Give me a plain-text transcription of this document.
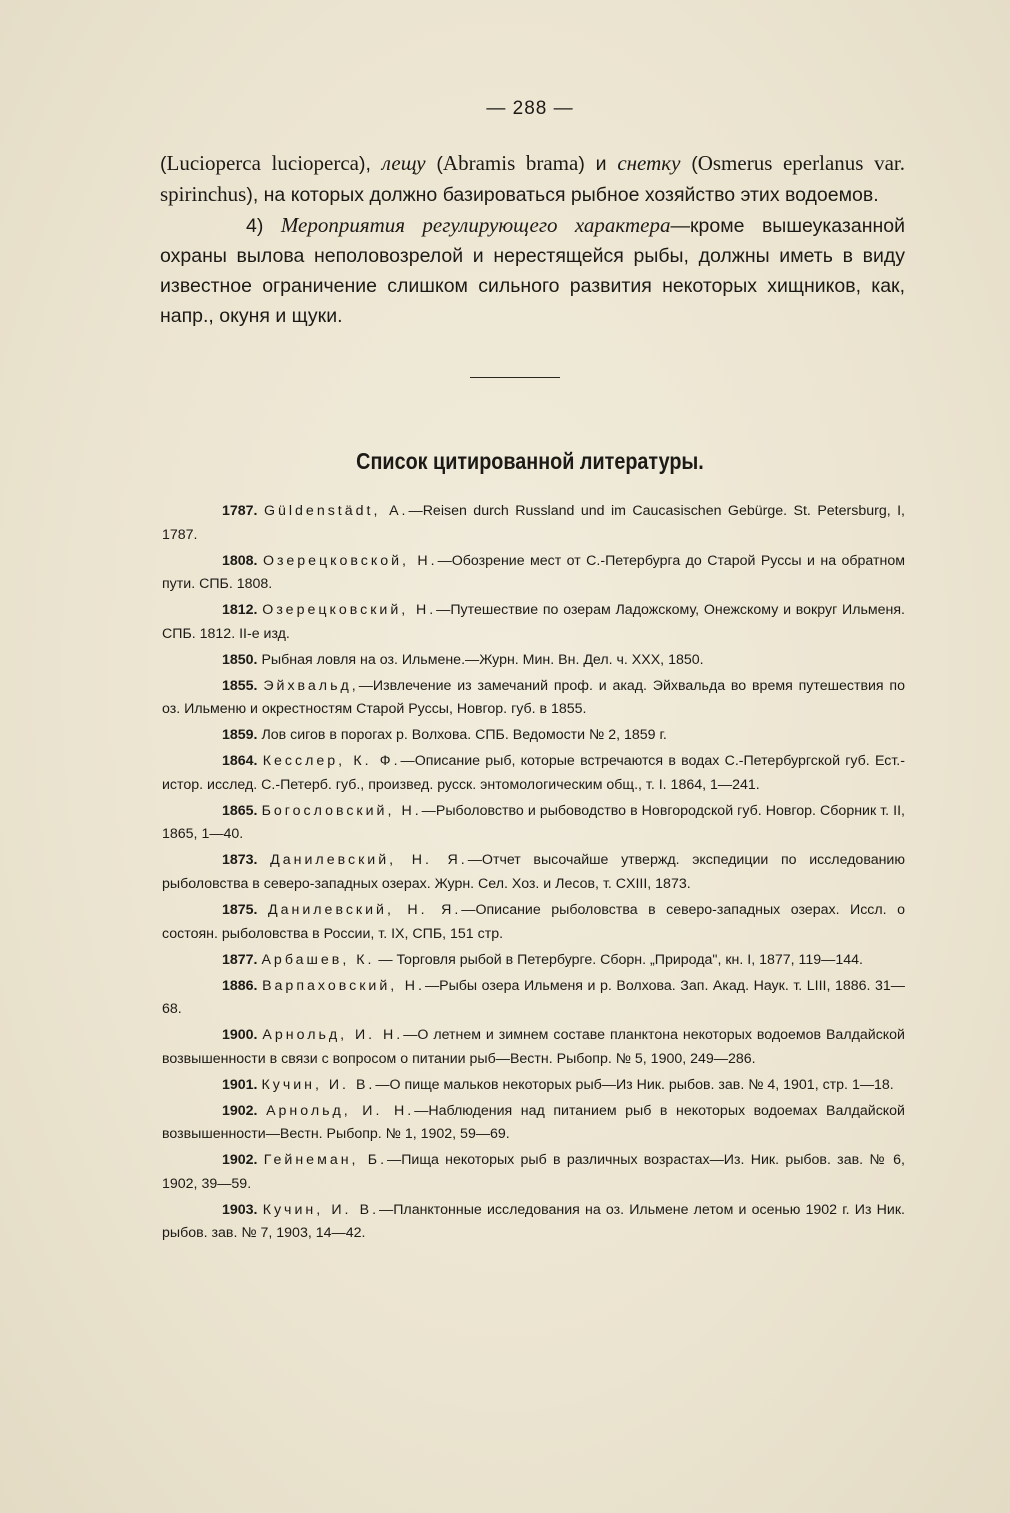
— 288 —

(Lucioperca lucioperca), лещу (Abramis brama) и снетку (Osmerus eperlanus var. spirinchus), на которых должно базироваться рыбное хозяйство этих водоемов.

4) Мероприятия регулирующего характера—кроме вышеуказанной охраны вылова неполовозрелой и нерестящейся рыбы, должны иметь в виду известное ограничение слишком сильного развития некоторых хищников, как, напр., окуня и щуки.

Список цитированной литературы.

1787. Güldenstädt, A.—Reisen durch Russland und im Caucasischen Gebürge. St. Petersburg, I, 1787.

1808. Озерецковской, Н.—Обозрение мест от С.-Петербурга до Старой Руссы и на обратном пути. СПБ. 1808.

1812. Озерецковский, Н.—Путешествие по озерам Ладожскому, Онежскому и вокруг Ильменя. СПБ. 1812. II-е изд.

1850. Рыбная ловля на оз. Ильмене.—Журн. Мин. Вн. Дел. ч. XXX, 1850.

1855. Эйхвальд,—Извлечение из замечаний проф. и акад. Эйхвальда во время путешествия по оз. Ильменю и окрестностям Старой Руссы, Новгор. губ. в 1855.

1859. Лов сигов в порогах р. Волхова. СПБ. Ведомости № 2, 1859 г.

1864. Кесслер, К. Ф.—Описание рыб, которые встречаются в водах С.-Петербургской губ. Ест.-истор. исслед. С.-Петерб. губ., произвед. русск. энтомологическим общ., т. I. 1864, 1—241.

1865. Богословский, Н.—Рыболовство и рыбоводство в Новгородской губ. Новгор. Сборник т. II, 1865, 1—40.

1873. Данилевский, Н. Я.—Отчет высочайше утвержд. экспедиции по исследованию рыболовства в северо-западных озерах. Журн. Сел. Хоз. и Лесов, т. CXIII, 1873.

1875. Данилевский, Н. Я.—Описание рыболовства в северо-западных озерах. Иссл. о состоян. рыболовства в России, т. IX, СПБ, 151 стр.

1877. Арбашев, К. — Торговля рыбой в Петербурге. Сборн. „Природа", кн. I, 1877, 119—144.

1886. Варпаховский, Н.—Рыбы озера Ильменя и р. Волхова. Зап. Акад. Наук. т. LIII, 1886. 31—68.

1900. Арнольд, И. Н.—О летнем и зимнем составе планктона некоторых водоемов Валдайской возвышенности в связи с вопросом о питании рыб—Вестн. Рыбопр. № 5, 1900, 249—286.

1901. Кучин, И. В.—О пище мальков некоторых рыб—Из Ник. рыбов. зав. № 4, 1901, стр. 1—18.

1902. Арнольд, И. Н.—Наблюдения над питанием рыб в некоторых водоемах Валдайской возвышенности—Вестн. Рыбопр. № 1, 1902, 59—69.

1902. Гейнеман, Б.—Пища некоторых рыб в различных возрастах—Из. Ник. рыбов. зав. № 6, 1902, 39—59.

1903. Кучин, И. В.—Планктонные исследования на оз. Ильмене летом и осенью 1902 г. Из Ник. рыбов. зав. № 7, 1903, 14—42.
